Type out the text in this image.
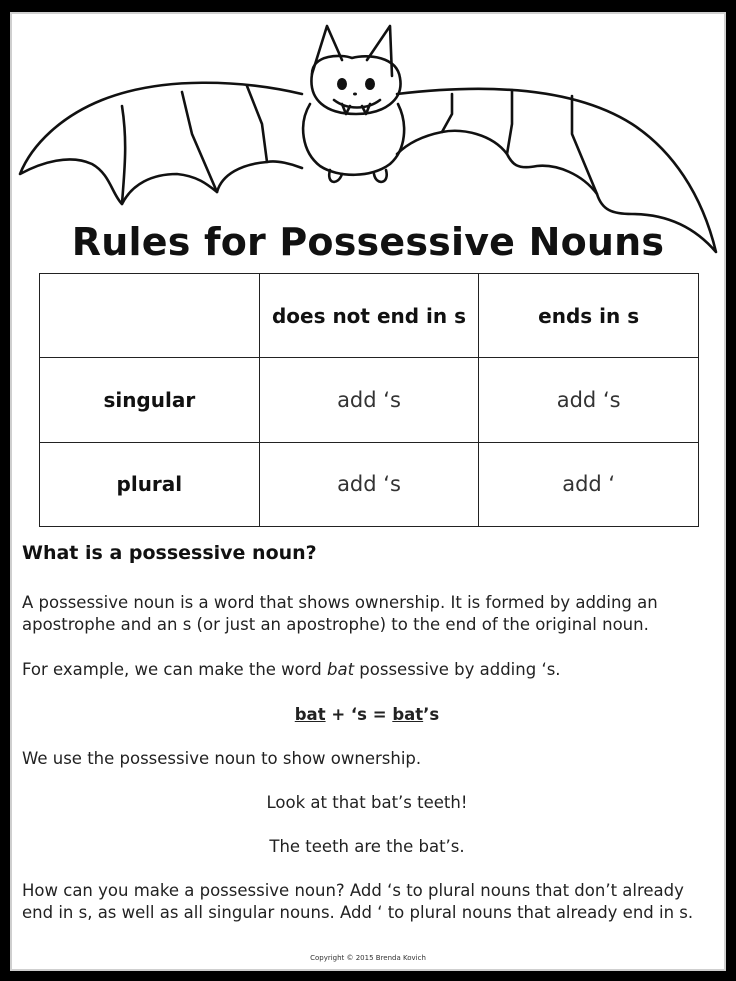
Rules for Possessive Nouns
	does not end in s	ends in s
singular	add ‘s	add ‘s
plural	add ‘s	add ‘
What is a possessive noun?
A possessive noun is a word that shows ownership. It is formed by adding an apostrophe and an s (or just an apostrophe) to the end of the original noun.
For example, we can make the word bat possessive by adding ‘s.
bat + ‘s = bat’s
We use the possessive noun to show ownership.
Look at that bat’s teeth!
The teeth are the bat’s.
How can you make a possessive noun? Add ‘s to plural nouns that don’t already end in s, as well as all singular nouns. Add ‘ to plural nouns that already end in s.
Copyright © 2015 Brenda Kovich
